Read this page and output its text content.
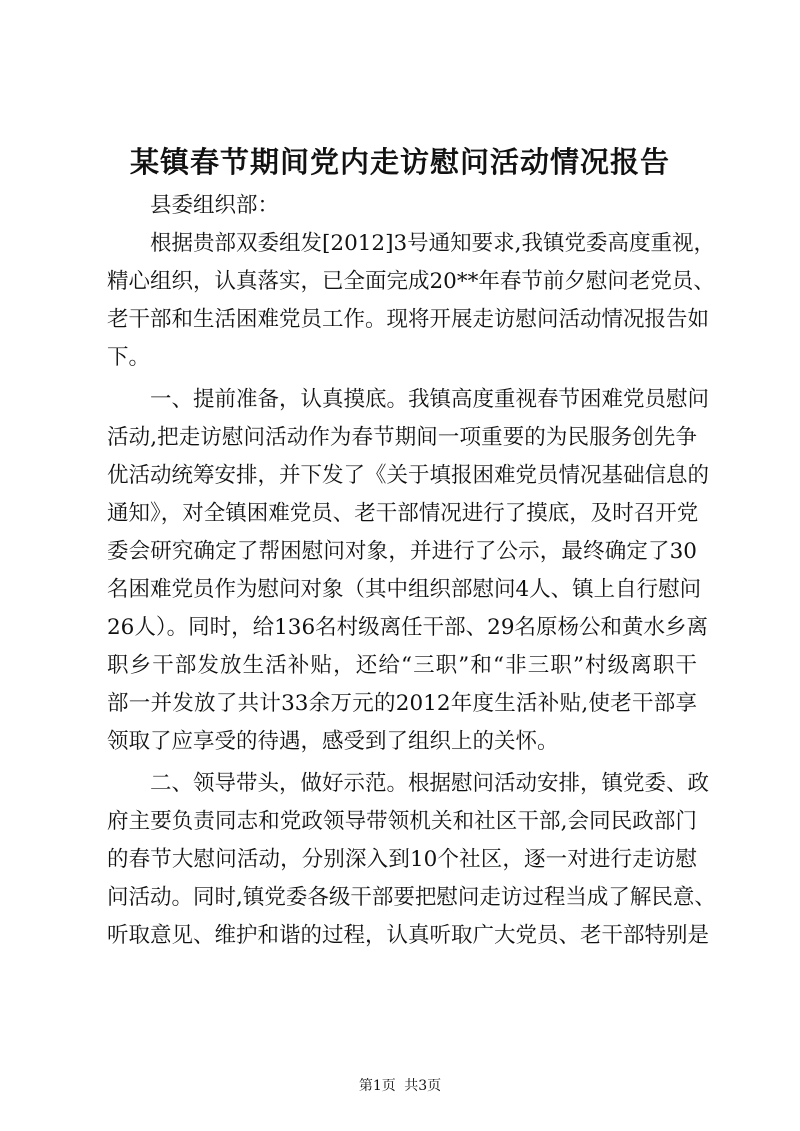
某镇春节期间党内走访慰问活动情况报告
县委组织部：
根据贵部双委组发[2012]3号通知要求,我镇党委高度重视，
精心组织，认真落实，已全面完成20**年春节前夕慰问老党员、
老干部和生活困难党员工作。现将开展走访慰问活动情况报告如
下。
一、提前准备，认真摸底。我镇高度重视春节困难党员慰问
活动,把走访慰问活动作为春节期间一项重要的为民服务创先争
优活动统筹安排，并下发了《关于填报困难党员情况基础信息的
通知》，对全镇困难党员、老干部情况进行了摸底，及时召开党
委会研究确定了帮困慰问对象，并进行了公示，最终确定了30
名困难党员作为慰问对象（其中组织部慰问4人、镇上自行慰问
26人）。同时，给136名村级离任干部、29名原杨公和黄水乡离
职乡干部发放生活补贴，还给“三职”和“非三职”村级离职干
部一并发放了共计33余万元的2012年度生活补贴,使老干部享
领取了应享受的待遇，感受到了组织上的关怀。
二、领导带头，做好示范。根据慰问活动安排，镇党委、政
府主要负责同志和党政领导带领机关和社区干部,会同民政部门
的春节大慰问活动，分别深入到10个社区，逐一对进行走访慰
问活动。同时,镇党委各级干部要把慰问走访过程当成了解民意、
听取意见、维护和谐的过程，认真听取广大党员、老干部特别是
第1页 共3页
